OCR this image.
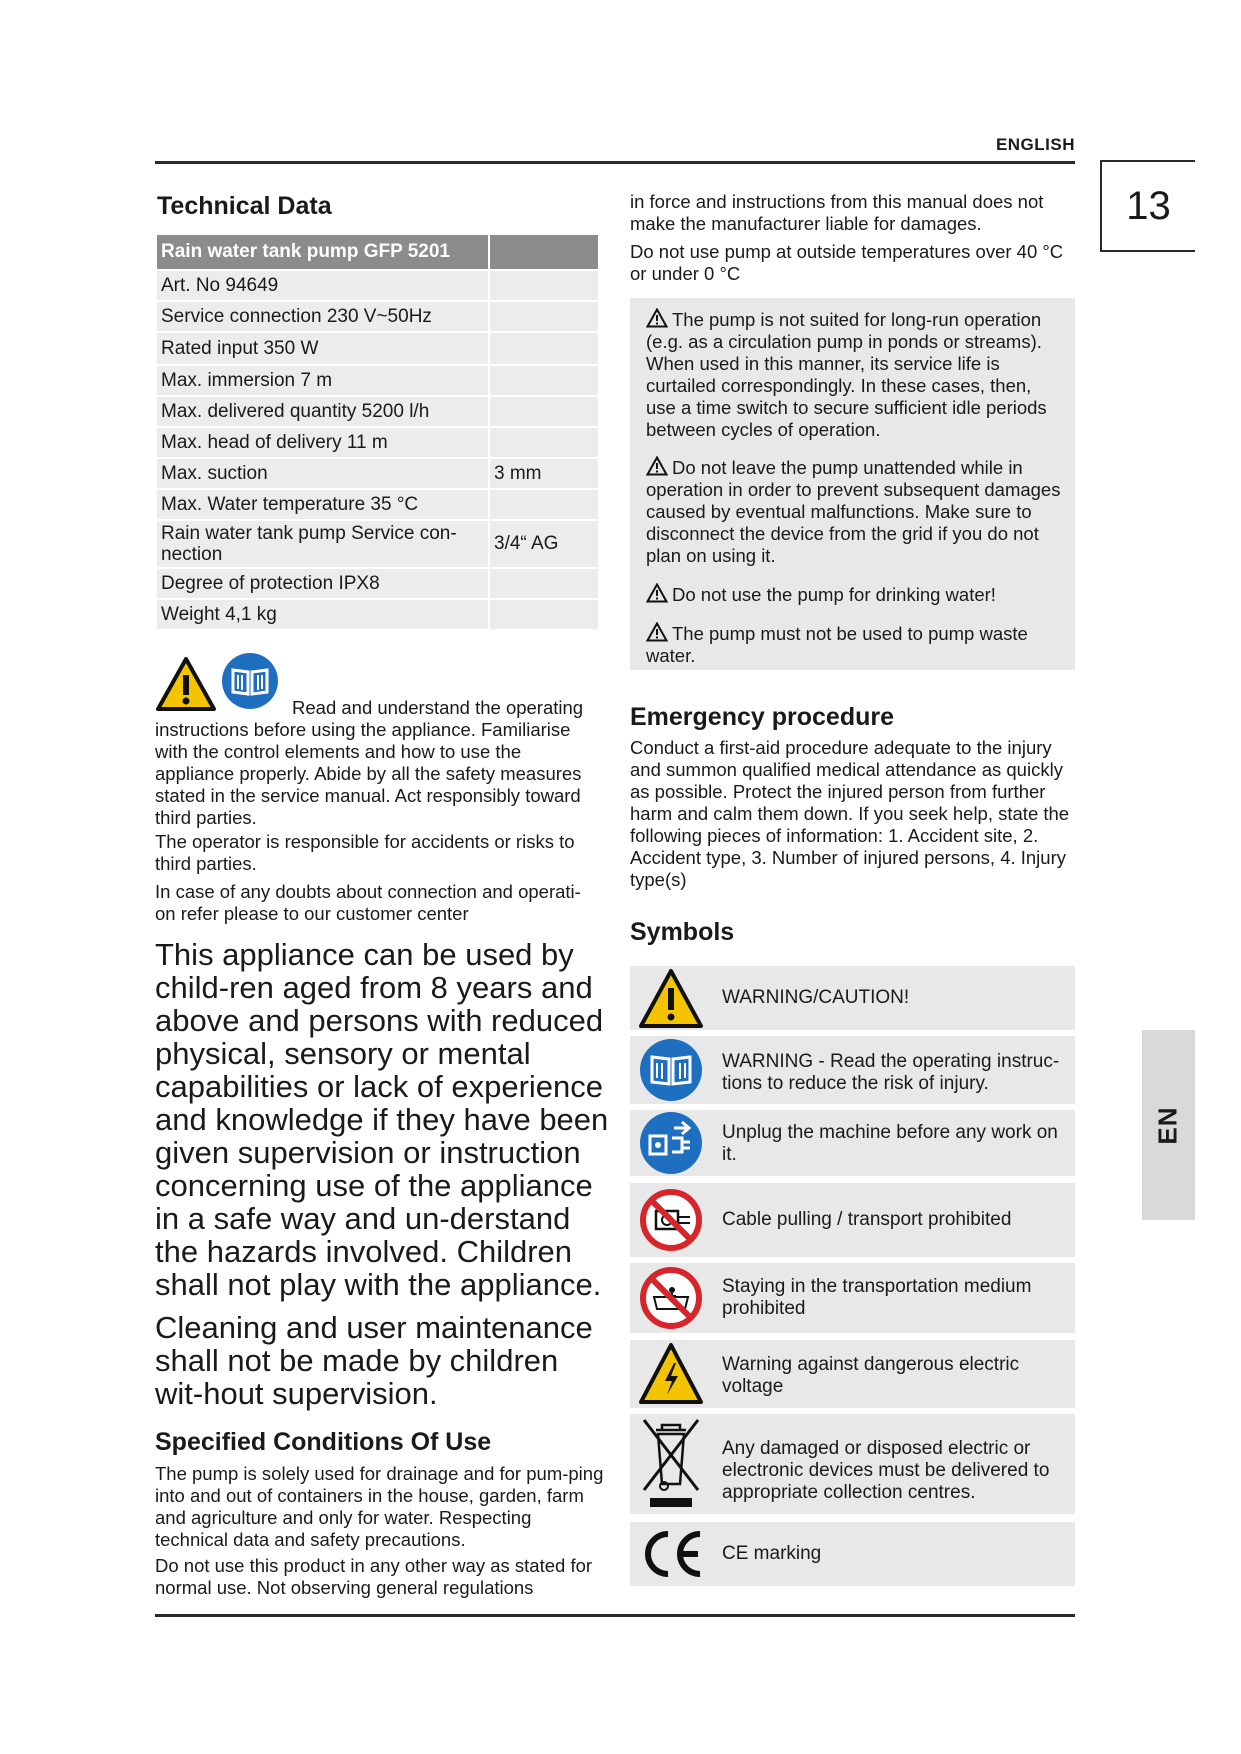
ENGLISH
13
EN
Technical Data
Rain water tank pump GFP 5201	
Art. No 94649	
Service connection 230 V~50Hz	
Rated input 350 W	
Max. immersion 7 m	
Max. delivered quantity 5200 l/h	
Max. head of delivery 11 m	
Max. suction	3 mm
Max. Water temperature 35 °C	
Rain water tank pump Service con-nection	3/4“ AG
Degree of protection IPX8	
Weight 4,1 kg	

Read and understand the operating

instructions before using the appliance. Familiarise with the control elements and how to use the appliance properly. Abide by all the safety measures stated in the service manual. Act responsibly toward third parties.

The operator is responsible for accidents or risks to third parties.

In case of any doubts about connection and operati-on refer please to our customer center

This appliance can be used by child-ren aged from 8 years and above and persons with reduced physical, sensory or mental capabilities or lack of experience and knowledge if they have been given supervision or instruction concerning use of the appliance in a safe way and un-derstand the hazards involved. Children shall not play with the appliance.

Cleaning and user maintenance shall not be made by children wit-hout supervision.

Specified Conditions Of Use

The pump is solely used for drainage and for pum-ping into and out of containers in the house, garden, farm and agriculture and only for water. Respecting technical data and safety precautions.

Do not use this product in any other way as stated for normal use. Not observing general regulations

in force and instructions from this manual does not make the manufacturer liable for damages.

Do not use pump at outside temperatures over 40 °C or under 0 °C

The pump is not suited for long-run operation (e.g. as a circulation pump in ponds or streams). When used in this manner, its service life is curtailed correspondingly. In these cases, then, use a time switch to secure sufficient idle periods between cycles of operation.
Do not leave the pump unattended while in operation in order to prevent subsequent damages caused by eventual malfunctions. Make sure to disconnect the device from the grid if you do not plan on using it.
Do not use the pump for drinking water!
The pump must not be used to pump waste water.
Emergency procedure

Conduct a first-aid procedure adequate to the injury and summon qualified medical attendance as quickly as possible. Protect the injured person from further harm and calm them down. If you seek help, state the following pieces of information: 1. Accident site, 2. Accident type, 3. Number of injured persons, 4. Injury type(s)

Symbols
WARNING/CAUTION!
WARNING - Read the operating instruc-tions to reduce the risk of injury.
Unplug the machine before any work on it.
Cable pulling / transport prohibited
Staying in the transportation medium prohibited
Warning against dangerous electric voltage
Any damaged or disposed electric or electronic devices must be delivered to appropriate collection centres.
CE marking
